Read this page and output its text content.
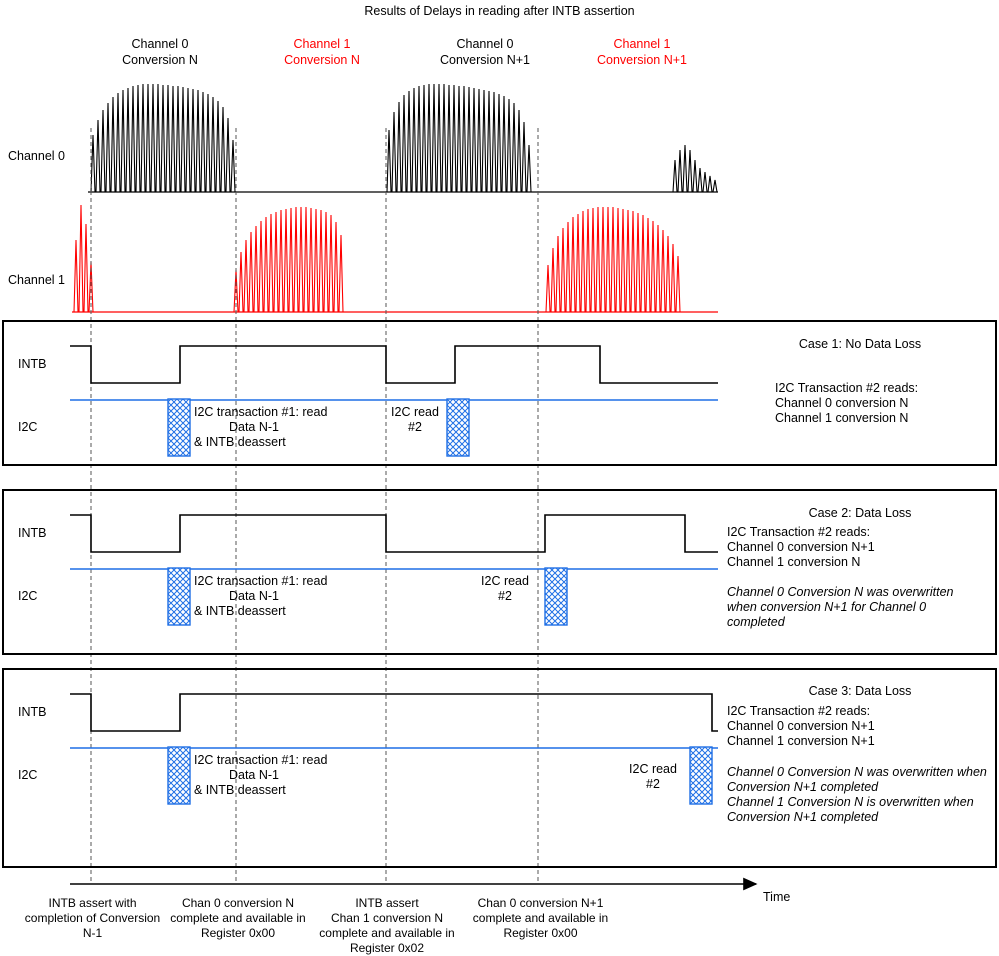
Results of Delays in reading after INTB assertion
Channel 0
Conversion N
Channel 1
Conversion N
Channel 0
Conversion N+1
Channel 1
Conversion N+1
Channel 0
Channel 1
INTB
I2C
Case 1: No Data Loss
I2C Transaction #2 reads:
Channel 0 conversion N
Channel 1 conversion N
I2C transaction #1: read
Data N-1
& INTB deassert
I2C read
#2
INTB
I2C
Case 2: Data Loss
I2C Transaction #2 reads:
Channel 0 conversion N+1
Channel 1 conversion N
Channel 0 Conversion N was overwritten
when conversion N+1 for Channel 0
completed
I2C transaction #1: read
Data N-1
& INTB deassert
I2C read
#2
INTB
I2C
Case 3: Data Loss
I2C Transaction #2 reads:
Channel 0 conversion N+1
Channel 1 conversion N+1
Channel 0 Conversion N was overwritten when
Conversion N+1 completed
Channel 1 Conversion N is overwritten when
Conversion N+1 completed
I2C transaction #1: read
Data N-1
& INTB deassert
I2C read
#2
Time
INTB assert with
completion of Conversion
N-1
Chan 0 conversion N
complete and available in
Register 0x00
INTB assert
Chan 1 conversion N
complete and available in
Register 0x02
Chan 0 conversion N+1
complete and available in
Register 0x00
